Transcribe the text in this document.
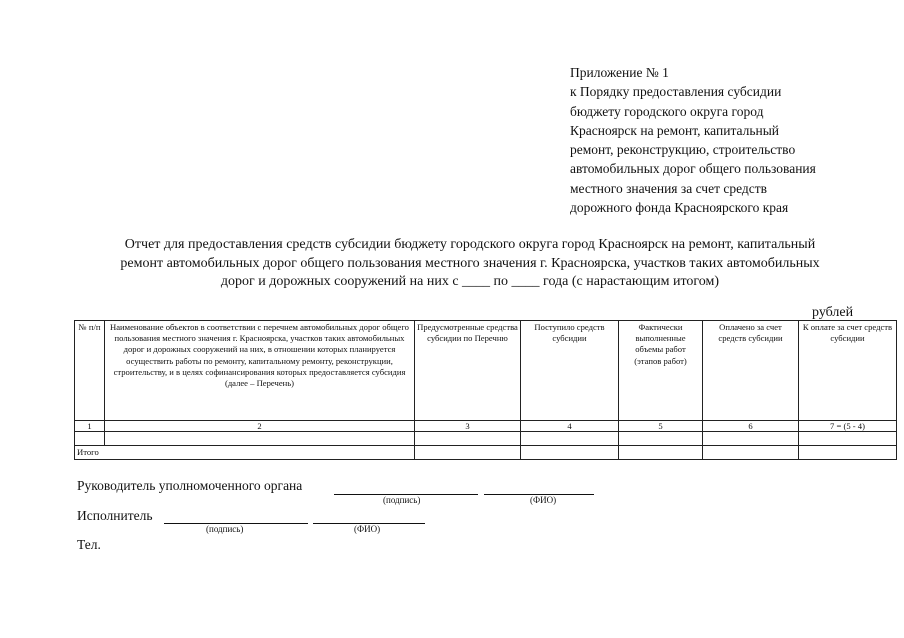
Приложение № 1
к Порядку предоставления субсидии
бюджету городского округа город
Красноярск на ремонт, капитальный
ремонт, реконструкцию, строительство
автомобильных дорог общего пользования
местного значения за счет средств
дорожного фонда Красноярского края
Отчет для предоставления средств субсидии бюджету городского округа город Красноярск на ремонт, капитальный
ремонт автомобильных дорог общего пользования местного значения г. Красноярска, участков таких автомобильных
дорог и дорожных сооружений на них с ____ по ____ года (с нарастающим итогом)
рублей
№ п/п	Наименование объектов в соответствии с перечнем автомобильных дорог общего пользования местного значения г. Красноярска, участков таких автомобильных дорог и дорожных сооружений на них, в отношении которых планируется осуществить работы по ремонту, капитальному ремонту, реконструкции, строительству, и в целях софинансирования которых предоставляется субсидия (далее – Перечень)	Предусмотренные средства субсидии по Перечню	Поступило средств субсидии	Фактически выполненные объемы работ (этапов работ)	Оплачено за счет средств субсидии	К оплате за счет средств субсидии
1	2	3	4	5	6	7 = (5 - 4)

Итого						
Руководитель уполномоченного органа
(подпись)	(ФИО)
Исполнитель
(подпись)	(ФИО)
Тел.
